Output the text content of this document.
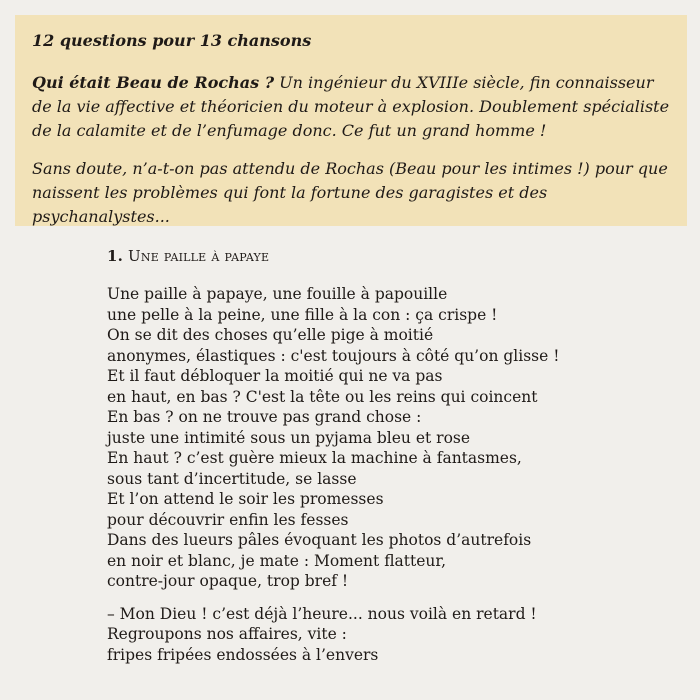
12 questions pour 13 chansons

Qui était Beau de Rochas ? Un ingénieur du XVIIIe siècle, fin connaisseur de la vie affective et théoricien du moteur à explosion. Doublement spécialiste de la calamite et de l’enfumage donc. Ce fut un grand homme !

Sans doute, n’a-t-on pas attendu de Rochas (Beau pour les intimes !) pour que naissent les problèmes qui font la fortune des garagistes et des psychanalystes...

1. Une paille à papaye
Une paille à papaye, une fouille à papouille
une pelle à la peine, une fille à la con : ça crispe !
On se dit des choses qu’elle pige à moitié
anonymes, élastiques : c'est toujours à côté qu’on glisse !
Et il faut débloquer la moitié qui ne va pas
en haut, en bas ? C'est la tête ou les reins qui coincent
En bas ? on ne trouve pas grand chose :
juste une intimité sous un pyjama bleu et rose
En haut ? c’est guère mieux la machine à fantasmes,
sous tant d’incertitude, se lasse
Et l’on attend le soir les promesses
pour découvrir enfin les fesses
Dans des lueurs pâles évoquant les photos d’autrefois
en noir et blanc, je mate : Moment flatteur,
contre-jour opaque, trop bref !
– Mon Dieu ! c’est déjà l’heure... nous voilà en retard !
Regroupons nos affaires, vite :
fripes fripées endossées à l’envers
